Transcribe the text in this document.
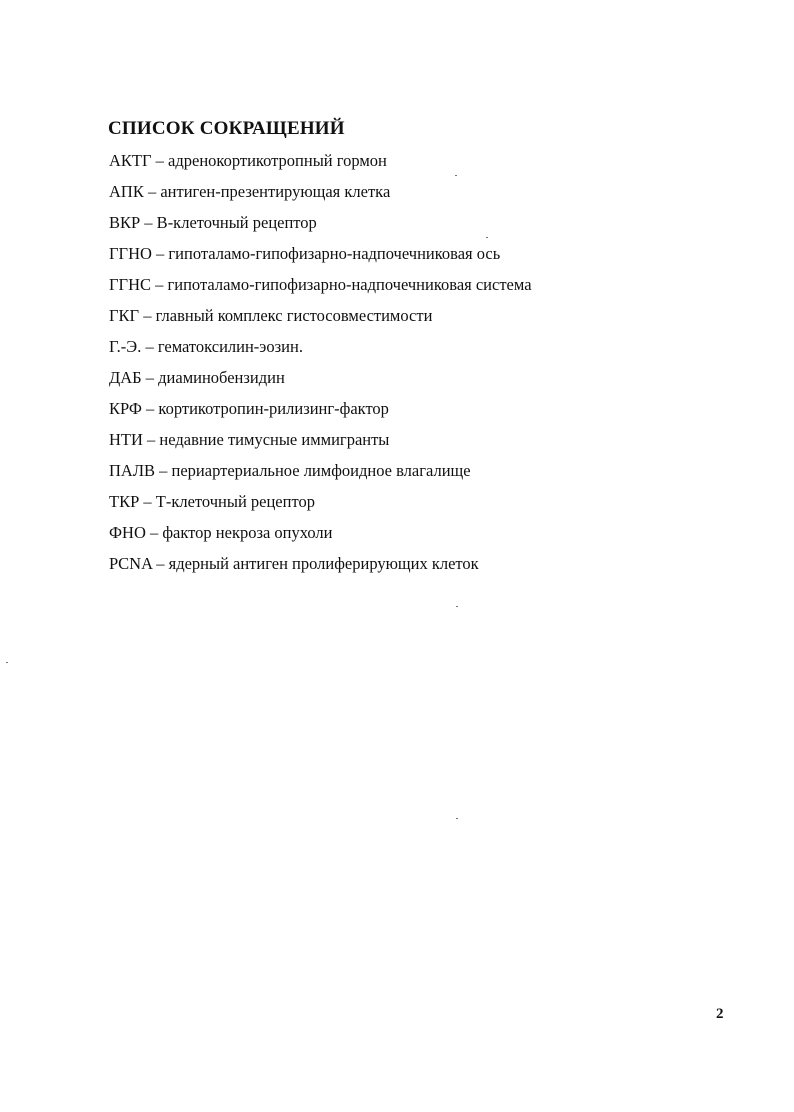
СПИСОК СОКРАЩЕНИЙ
АКТГ – адренокортикотропный гормон
АПК – антиген-презентирующая клетка
ВКР – В-клеточный рецептор
ГГНО – гипоталамо-гипофизарно-надпочечниковая ось
ГГНС – гипоталамо-гипофизарно-надпочечниковая система
ГКГ – главный комплекс гистосовместимости
Г.-Э. – гематоксилин-эозин.
ДАБ – диаминобензидин
КРФ – кортикотропин-рилизинг-фактор
НТИ – недавние тимусные иммигранты
ПАЛВ – периартериальное лимфоидное влагалище
ТКР – Т-клеточный рецептор
ФНО – фактор некроза опухоли
PCNA – ядерный антиген пролиферирующих клеток
2
